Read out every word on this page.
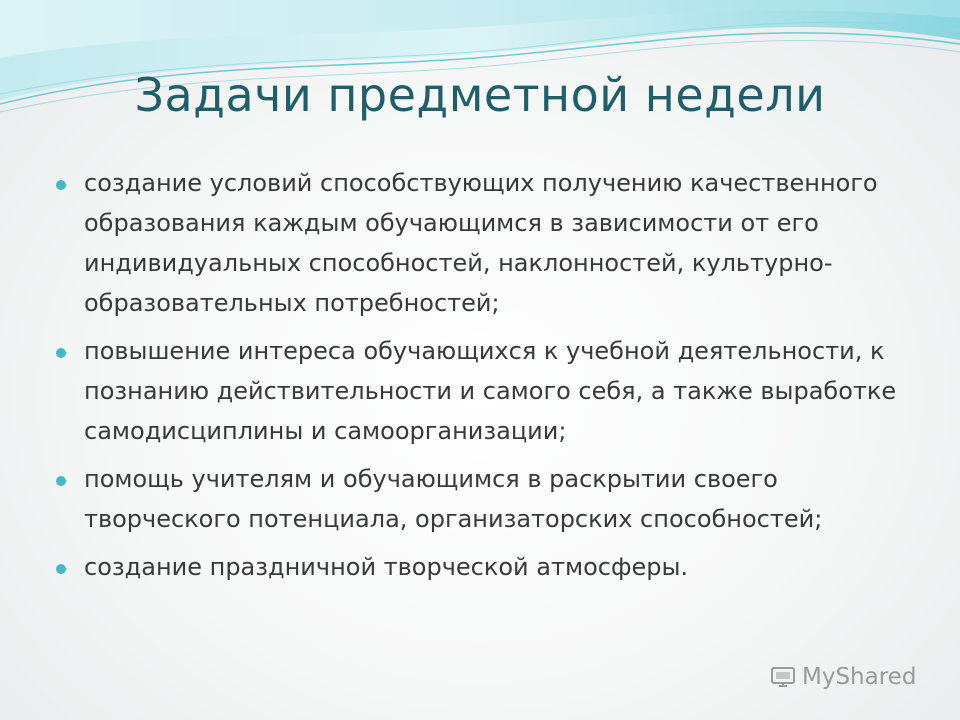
Задачи предметной недели
создание условий способствующих получению качественного образования каждым обучающимся в зависимости от его индивидуальных способностей, наклонностей, культурно-образовательных потребностей;
повышение интереса обучающихся к учебной деятельности, к познанию действительности и самого себя, а также выработке самодисциплины и самоорганизации;
помощь учителям и обучающимся в раскрытии своего творческого потенциала, организаторских способностей;
создание праздничной творческой атмосферы.
MyShared
